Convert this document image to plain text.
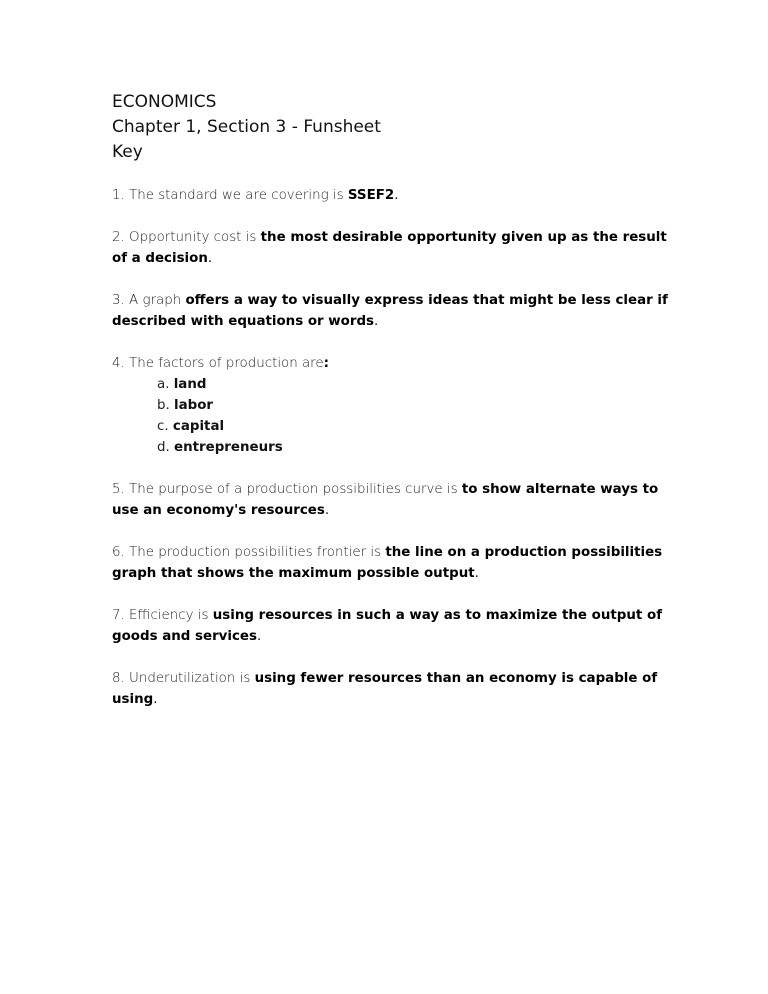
ECONOMICS

Chapter 1, Section 3 - Funsheet

Key

1. The standard we are covering is SSEF2.

2. Opportunity cost is the most desirable opportunity given up as the result of a decision.

3. A graph offers a way to visually express ideas that might be less clear if described with equations or words.

4. The factors of production are:

a. land
b. labor
c. capital
d. entrepreneurs

5. The purpose of a production possibilities curve is to show alternate ways to use an economy's resources.

6. The production possibilities frontier is the line on a production possibilities graph that shows the maximum possible output.

7. Efficiency is using resources in such a way as to maximize the output of goods and services.

8. Underutilization is using fewer resources than an economy is capable of using.
